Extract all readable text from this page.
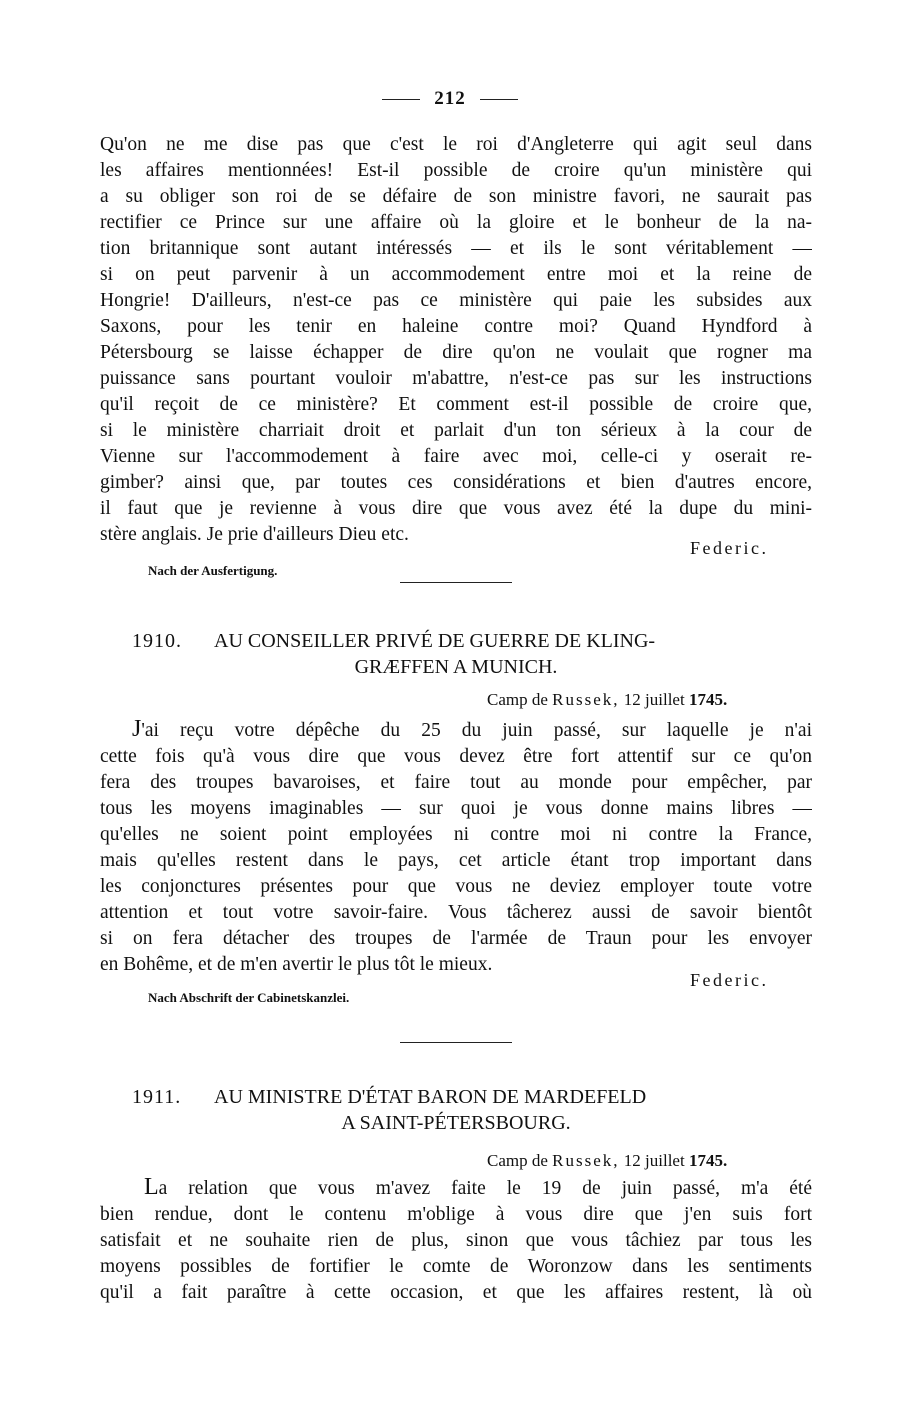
212
Qu'on ne me dise pas que c'est le roi d'Angleterre qui agit seul dans
les affaires mentionnées! Est-il possible de croire qu'un ministère qui
a su obliger son roi de se défaire de son ministre favori, ne saurait pas
rectifier ce Prince sur une affaire où la gloire et le bonheur de la na-
tion britannique sont autant intéressés — et ils le sont véritablement —
si on peut parvenir à un accommodement entre moi et la reine de
Hongrie! D'ailleurs, n'est-ce pas ce ministère qui paie les subsides aux
Saxons, pour les tenir en haleine contre moi? Quand Hyndford à
Pétersbourg se laisse échapper de dire qu'on ne voulait que rogner ma
puissance sans pourtant vouloir m'abattre, n'est-ce pas sur les instructions
qu'il reçoit de ce ministère? Et comment est-il possible de croire que,
si le ministère charriait droit et parlait d'un ton sérieux à la cour de
Vienne sur l'accommodement à faire avec moi, celle-ci y oserait re-
gimber? ainsi que, par toutes ces considérations et bien d'autres encore,
il faut que je revienne à vous dire que vous avez été la dupe du mini-
stère anglais. Je prie d'ailleurs Dieu etc.
Federic.
Nach der Ausfertigung.
1910. AU CONSEILLER PRIVÉ DE GUERRE DE KLING-
GRÆFFEN A MUNICH.
Camp de Russek, 12 juillet 1745.
J'ai reçu votre dépêche du 25 du juin passé, sur laquelle je n'ai
cette fois qu'à vous dire que vous devez être fort attentif sur ce qu'on
fera des troupes bavaroises, et faire tout au monde pour empêcher, par
tous les moyens imaginables — sur quoi je vous donne mains libres —
qu'elles ne soient point employées ni contre moi ni contre la France,
mais qu'elles restent dans le pays, cet article étant trop important dans
les conjonctures présentes pour que vous ne deviez employer toute votre
attention et tout votre savoir-faire. Vous tâcherez aussi de savoir bientôt
si on fera détacher des troupes de l'armée de Traun pour les envoyer
en Bohême, et de m'en avertir le plus tôt le mieux.
Federic.
Nach Abschrift der Cabinetskanzlei.
1911. AU MINISTRE D'ÉTAT BARON DE MARDEFELD
A SAINT-PÉTERSBOURG.
Camp de Russek, 12 juillet 1745.
La relation que vous m'avez faite le 19 de juin passé, m'a été
bien rendue, dont le contenu m'oblige à vous dire que j'en suis fort
satisfait et ne souhaite rien de plus, sinon que vous tâchiez par tous les
moyens possibles de fortifier le comte de Woronzow dans les sentiments
qu'il a fait paraître à cette occasion, et que les affaires restent, là où
